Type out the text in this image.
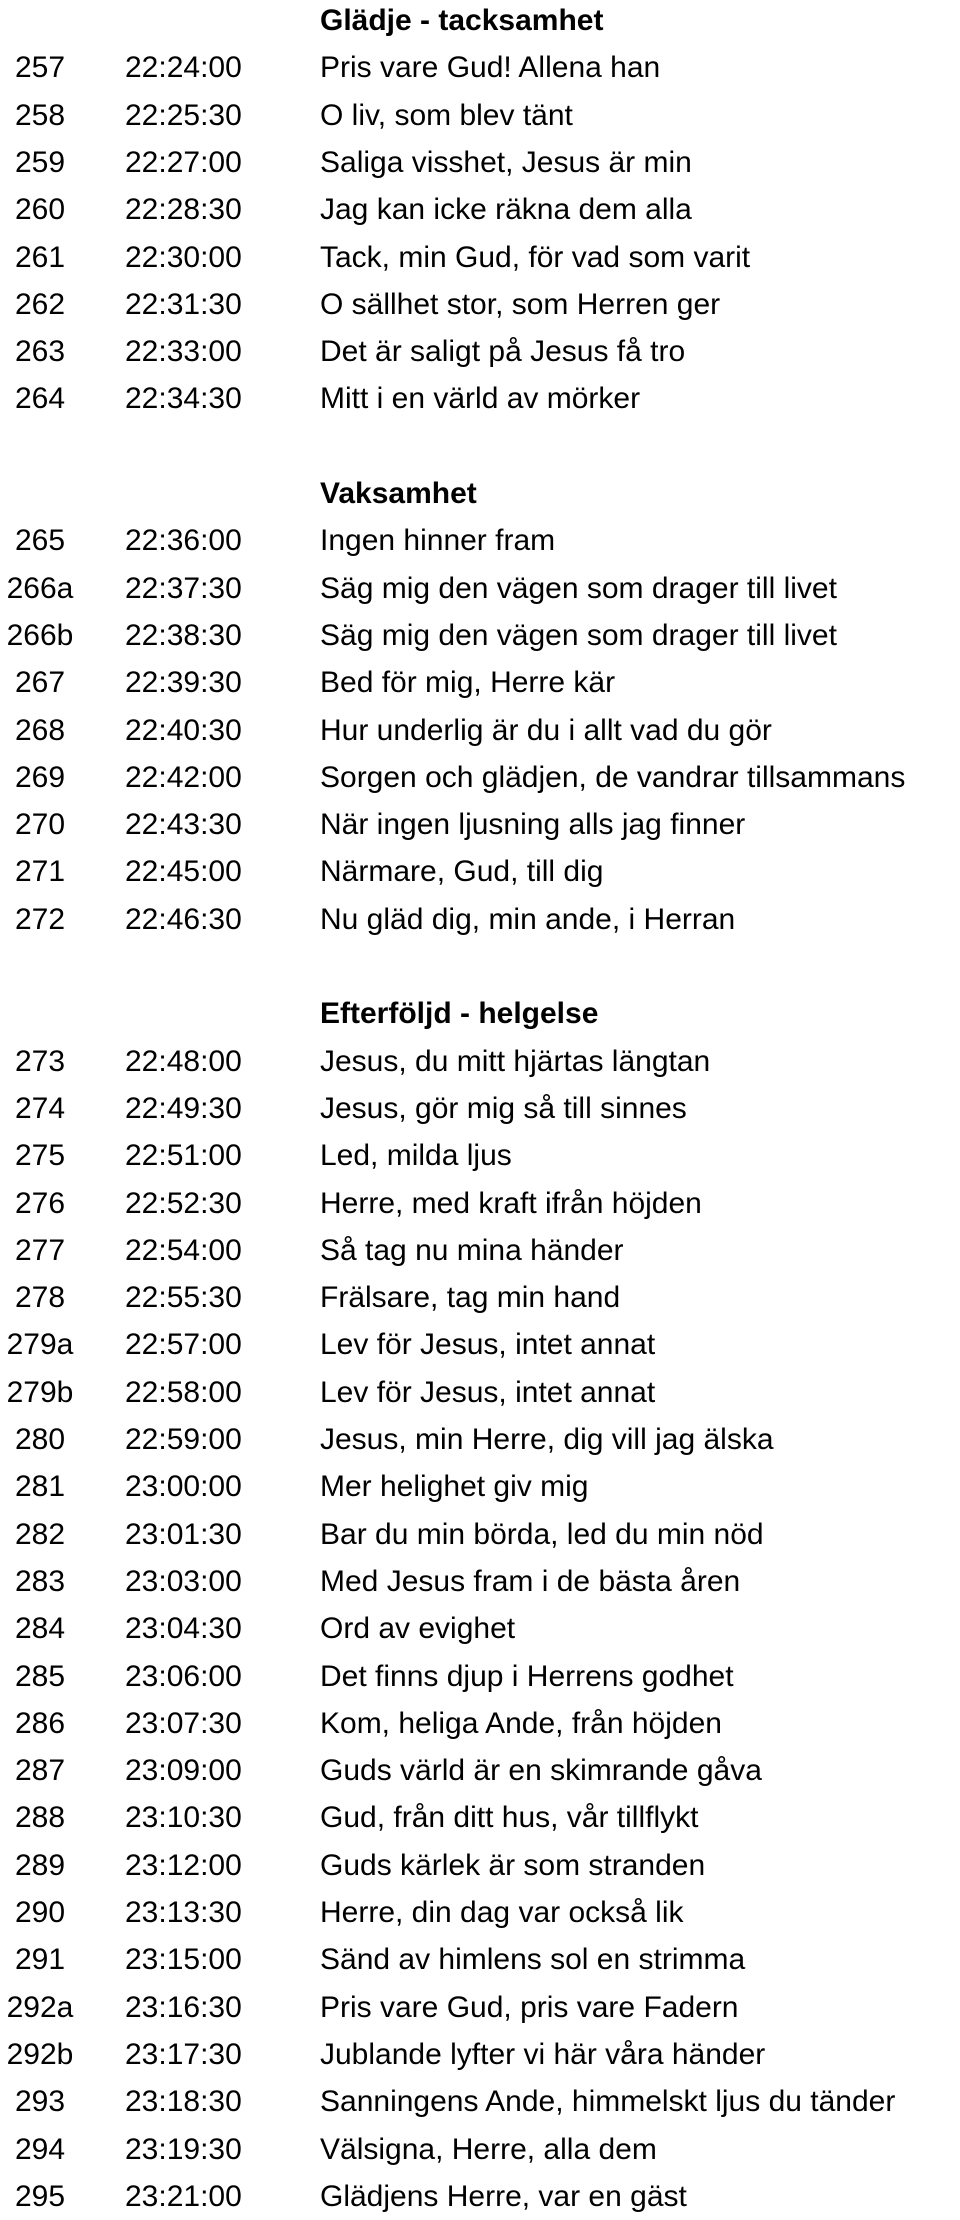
Glädje - tacksamhet
257	22:24:00	Pris vare Gud! Allena han
258	22:25:30	O liv, som blev tänt
259	22:27:00	Saliga visshet, Jesus är min
260	22:28:30	Jag kan icke räkna dem alla
261	22:30:00	Tack, min Gud, för vad som varit
262	22:31:30	O sällhet stor, som Herren ger
263	22:33:00	Det är saligt på Jesus få tro
264	22:34:30	Mitt i en värld av mörker
Vaksamhet
265	22:36:00	Ingen hinner fram
266a 22:37:30	Säg mig den vägen som drager till livet
266b 22:38:30	Säg mig den vägen som drager till livet
267	22:39:30	Bed för mig, Herre kär
268	22:40:30	Hur underlig är du i allt vad du gör
269	22:42:00	Sorgen och glädjen, de vandrar tillsammans
270	22:43:30	När ingen ljusning alls jag finner
271	22:45:00	Närmare, Gud, till dig
272	22:46:30	Nu gläd dig, min ande, i Herran
Efterföljd - helgelse
273	22:48:00	Jesus, du mitt hjärtas längtan
274	22:49:30	Jesus, gör mig så till sinnes
275	22:51:00	Led, milda ljus
276	22:52:30	Herre, med kraft ifrån höjden
277	22:54:00	Så tag nu mina händer
278	22:55:30	Frälsare, tag min hand
279a 22:57:00	Lev för Jesus, intet annat
279b 22:58:00	Lev för Jesus, intet annat
280	22:59:00	Jesus, min Herre, dig vill jag älska
281	23:00:00	Mer helighet giv mig
282	23:01:30	Bar du min börda, led du min nöd
283	23:03:00	Med Jesus fram i de bästa åren
284	23:04:30	Ord av evighet
285	23:06:00	Det finns djup i Herrens godhet
286	23:07:30	Kom, heliga Ande, från höjden
287	23:09:00	Guds värld är en skimrande gåva
288	23:10:30	Gud, från ditt hus, vår tillflykt
289	23:12:00	Guds kärlek är som stranden
290	23:13:30	Herre, din dag var också lik
291	23:15:00	Sänd av himlens sol en strimma
292a 23:16:30	Pris vare Gud, pris vare Fadern
292b 23:17:30	Jublande lyfter vi här våra händer
293	23:18:30	Sanningens Ande, himmelskt ljus du tänder
294	23:19:30	Välsigna, Herre, alla dem
295	23:21:00	Glädjens Herre, var en gäst
